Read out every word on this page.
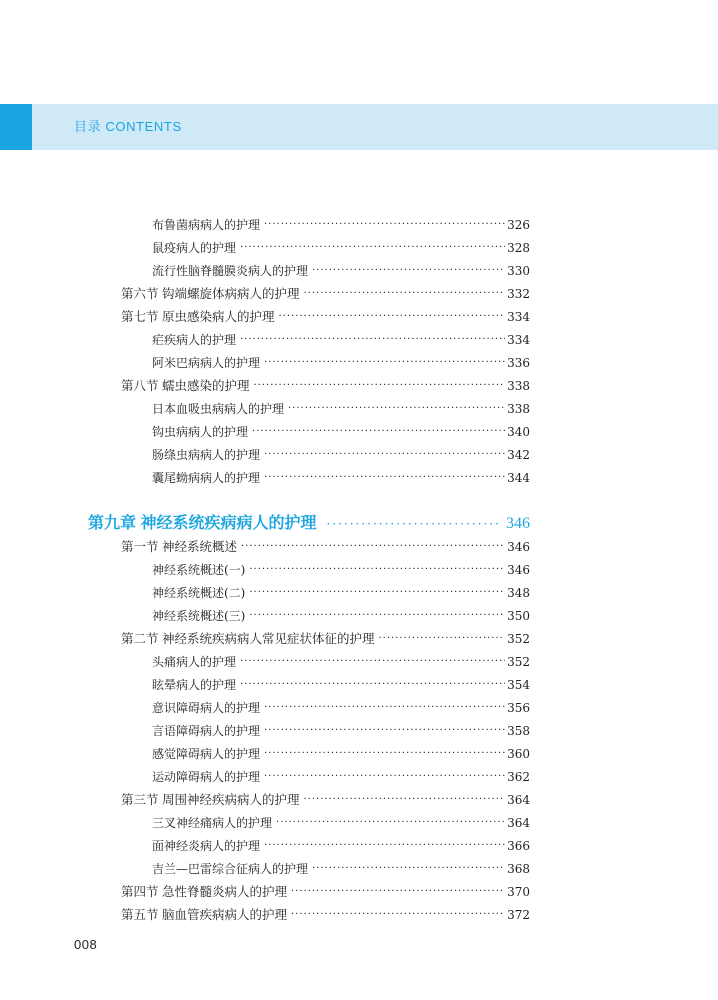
目录 CONTENTS
布鲁菌病病人的护理 ·····	326
鼠疫病人的护理 ·····	328
流行性脑脊髓膜炎病人的护理 ·····	330
第六节 钩端螺旋体病病人的护理 ·····	332
第七节 原虫感染病人的护理 ·····	334
疟疾病人的护理 ·····	334
阿米巴病病人的护理 ·····	336
第八节 蠕虫感染的护理 ·····	338
日本血吸虫病病人的护理 ·····	338
钩虫病病人的护理 ·····	340
肠绦虫病病人的护理 ·····	342
囊尾蚴病病人的护理 ·····	344
第九章 神经系统疾病病人的护理 ·····	346
第一节 神经系统概述 ·····	346
神经系统概述(一) ·····	346
神经系统概述(二) ·····	348
神经系统概述(三) ·····	350
第二节 神经系统疾病病人常见症状体征的护理 ·····	352
头痛病人的护理 ·····	352
眩晕病人的护理 ·····	354
意识障碍病人的护理 ·····	356
言语障碍病人的护理 ·····	358
感觉障碍病人的护理 ·····	360
运动障碍病人的护理 ·····	362
第三节 周围神经疾病病人的护理 ·····	364
三叉神经痛病人的护理 ·····	364
面神经炎病人的护理 ·····	366
吉兰—巴雷综合征病人的护理 ·····	368
第四节 急性脊髓炎病人的护理 ·····	370
第五节 脑血管疾病病人的护理 ·····	372
008
